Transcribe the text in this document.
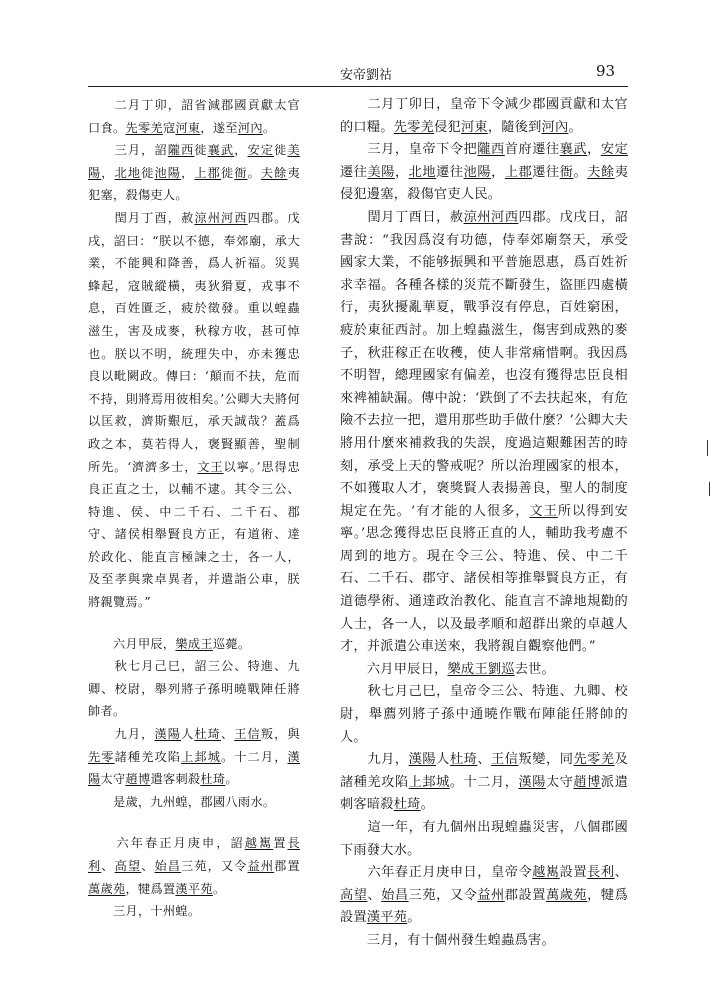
安帝劉祜	93

　　二月丁卯，詔省減郡國貢獻太官口食。先零羌寇河東，遂至河內。

　　三月，詔隴西徙襄武，安定徙美陽，北地徙池陽，上郡徙衙。夫餘夷犯塞，殺傷吏人。

　　閏月丁酉，赦涼州河西四郡。戊戌，詔曰：“朕以不德，奉郊廟，承大業，不能興和降善，爲人祈福。災異蜂起，寇賊縱橫，夷狄猾夏，戎事不息，百姓匱乏，疲於徵發。重以蝗蟲滋生，害及成麥，秋稼方收，甚可悼也。朕以不明，統理失中，亦未獲忠良以毗闕政。傳曰：‘顛而不扶，危而不持，則將焉用彼相矣。’公卿大夫將何以匡救，濟斯艱厄，承天誠哉？蓋爲政之本，莫若得人，褒賢顯善，聖制所先。‘濟濟多士，文王以寧。’思得忠良正直之士，以輔不逮。其令三公、特進、侯、中二千石、二千石、郡守、諸侯相舉賢良方正，有道術、達於政化、能直言極諫之士，各一人，及至孝與衆卓異者，并遣詣公車，朕將親覽焉。”

　　六月甲辰，樂成王巡薨。

　　秋七月己巳，詔三公、特進、九卿、校尉，舉列將子孫明曉戰陣任將帥者。

　　九月，漢陽人杜琦、王信叛，與先零諸種羌攻陷上邽城。十二月，漢陽太守趙博遣客刺殺杜琦。

　　是歲，九州蝗，郡國八雨水。

　　六年春正月庚申，詔越嶲置長利、高望、始昌三苑，又令益州郡置萬歲苑，犍爲置漢平苑。

　　三月，十州蝗。

　　二月丁卯日，皇帝下令減少郡國貢獻和太官的口糧。先零羌侵犯河東，隨後到河內。

　　三月，皇帝下令把隴西首府遷往襄武，安定遷往美陽，北地遷往池陽，上郡遷往衙。夫餘夷侵犯邊塞，殺傷官吏人民。

　　閏月丁酉日，赦涼州河西四郡。戊戌日，詔書說：“我因爲沒有功德，侍奉郊廟祭天，承受國家大業，不能够振興和平普施恩惠，爲百姓祈求幸福。各種各樣的災荒不斷發生，盜匪四處橫行，夷狄擾亂華夏，戰爭沒有停息，百姓窮困，疲於東征西討。加上蝗蟲滋生，傷害到成熟的麥子，秋莊稼正在收穫，使人非常痛惜啊。我因爲不明智，總理國家有偏差，也沒有獲得忠臣良相來裨補缺漏。傳中說：‘跌倒了不去扶起來，有危險不去拉一把，還用那些助手做什麼？’公卿大夫將用什麼來補救我的失誤，度過這艱難困苦的時刻，承受上天的警戒呢？所以治理國家的根本，不如獲取人才，褒獎賢人表揚善良，聖人的制度規定在先。‘有才能的人很多，文王所以得到安寧。’思念獲得忠臣良將正直的人，輔助我考慮不周到的地方。現在令三公、特進、侯、中二千石、二千石、郡守、諸侯相等推舉賢良方正，有道德學術、通達政治教化、能直言不諱地規勸的人士，各一人，以及最孝順和超群出衆的卓越人才，并派遣公車送來，我將親自觀察他們。”

　　六月甲辰日，樂成王劉巡去世。

　　秋七月己巳，皇帝令三公、特進、九卿、校尉，舉薦列將子孫中通曉作戰布陣能任將帥的人。

　　九月，漢陽人杜琦、王信叛變，同先零羌及諸種羌攻陷上邽城。十二月，漢陽太守趙博派遣刺客暗殺杜琦。

　　這一年，有九個州出現蝗蟲災害，八個郡國下雨發大水。

　　六年春正月庚申日，皇帝令越嶲設置長利、高望、始昌三苑，又令益州郡設置萬歲苑，犍爲設置漢平苑。

　　三月，有十個州發生蝗蟲爲害。
